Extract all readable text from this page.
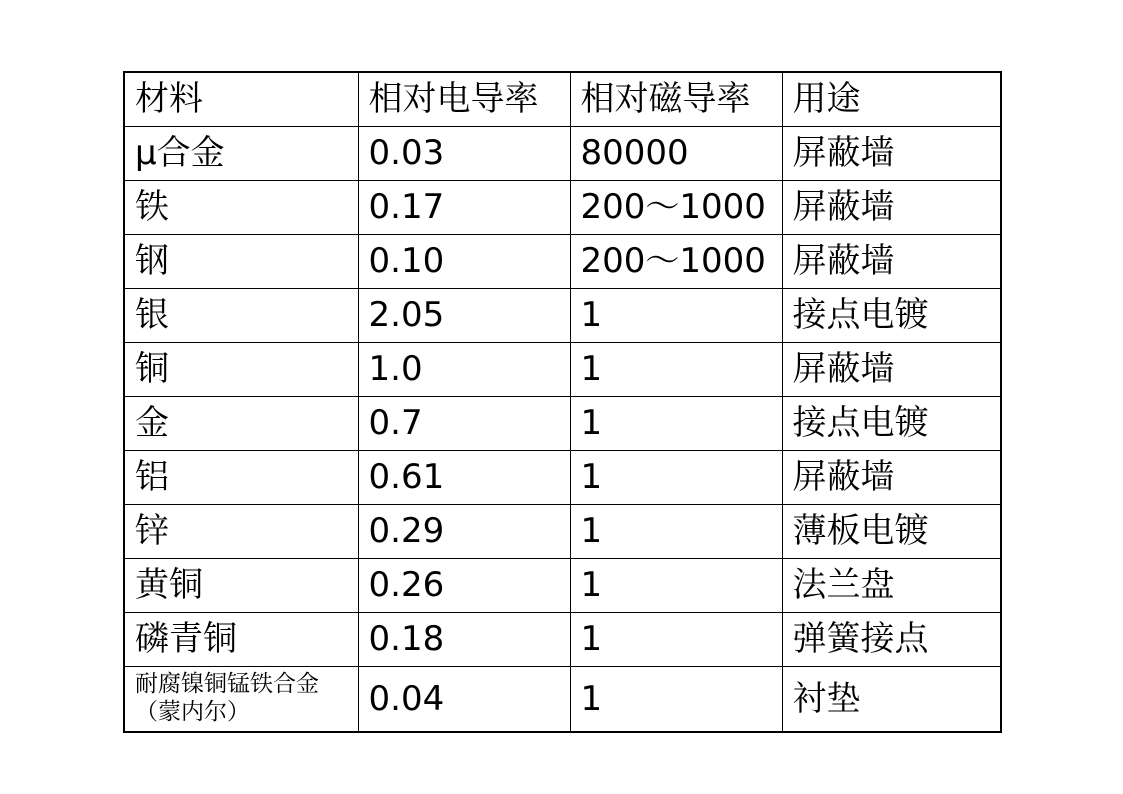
材料	相对电导率	相对磁导率	用途
μ合金	0.03	80000	屏蔽墙
铁	0.17	200～1000	屏蔽墙
钢	0.10	200～1000	屏蔽墙
银	2.05	1	接点电镀
铜	1.0	1	屏蔽墙
金	0.7	1	接点电镀
铝	0.61	1	屏蔽墙
锌	0.29	1	薄板电镀
黄铜	0.26	1	法兰盘
磷青铜	0.18	1	弹簧接点

耐腐镍铜锰铁合金
（蒙内尔）	0.04	1	衬垫
